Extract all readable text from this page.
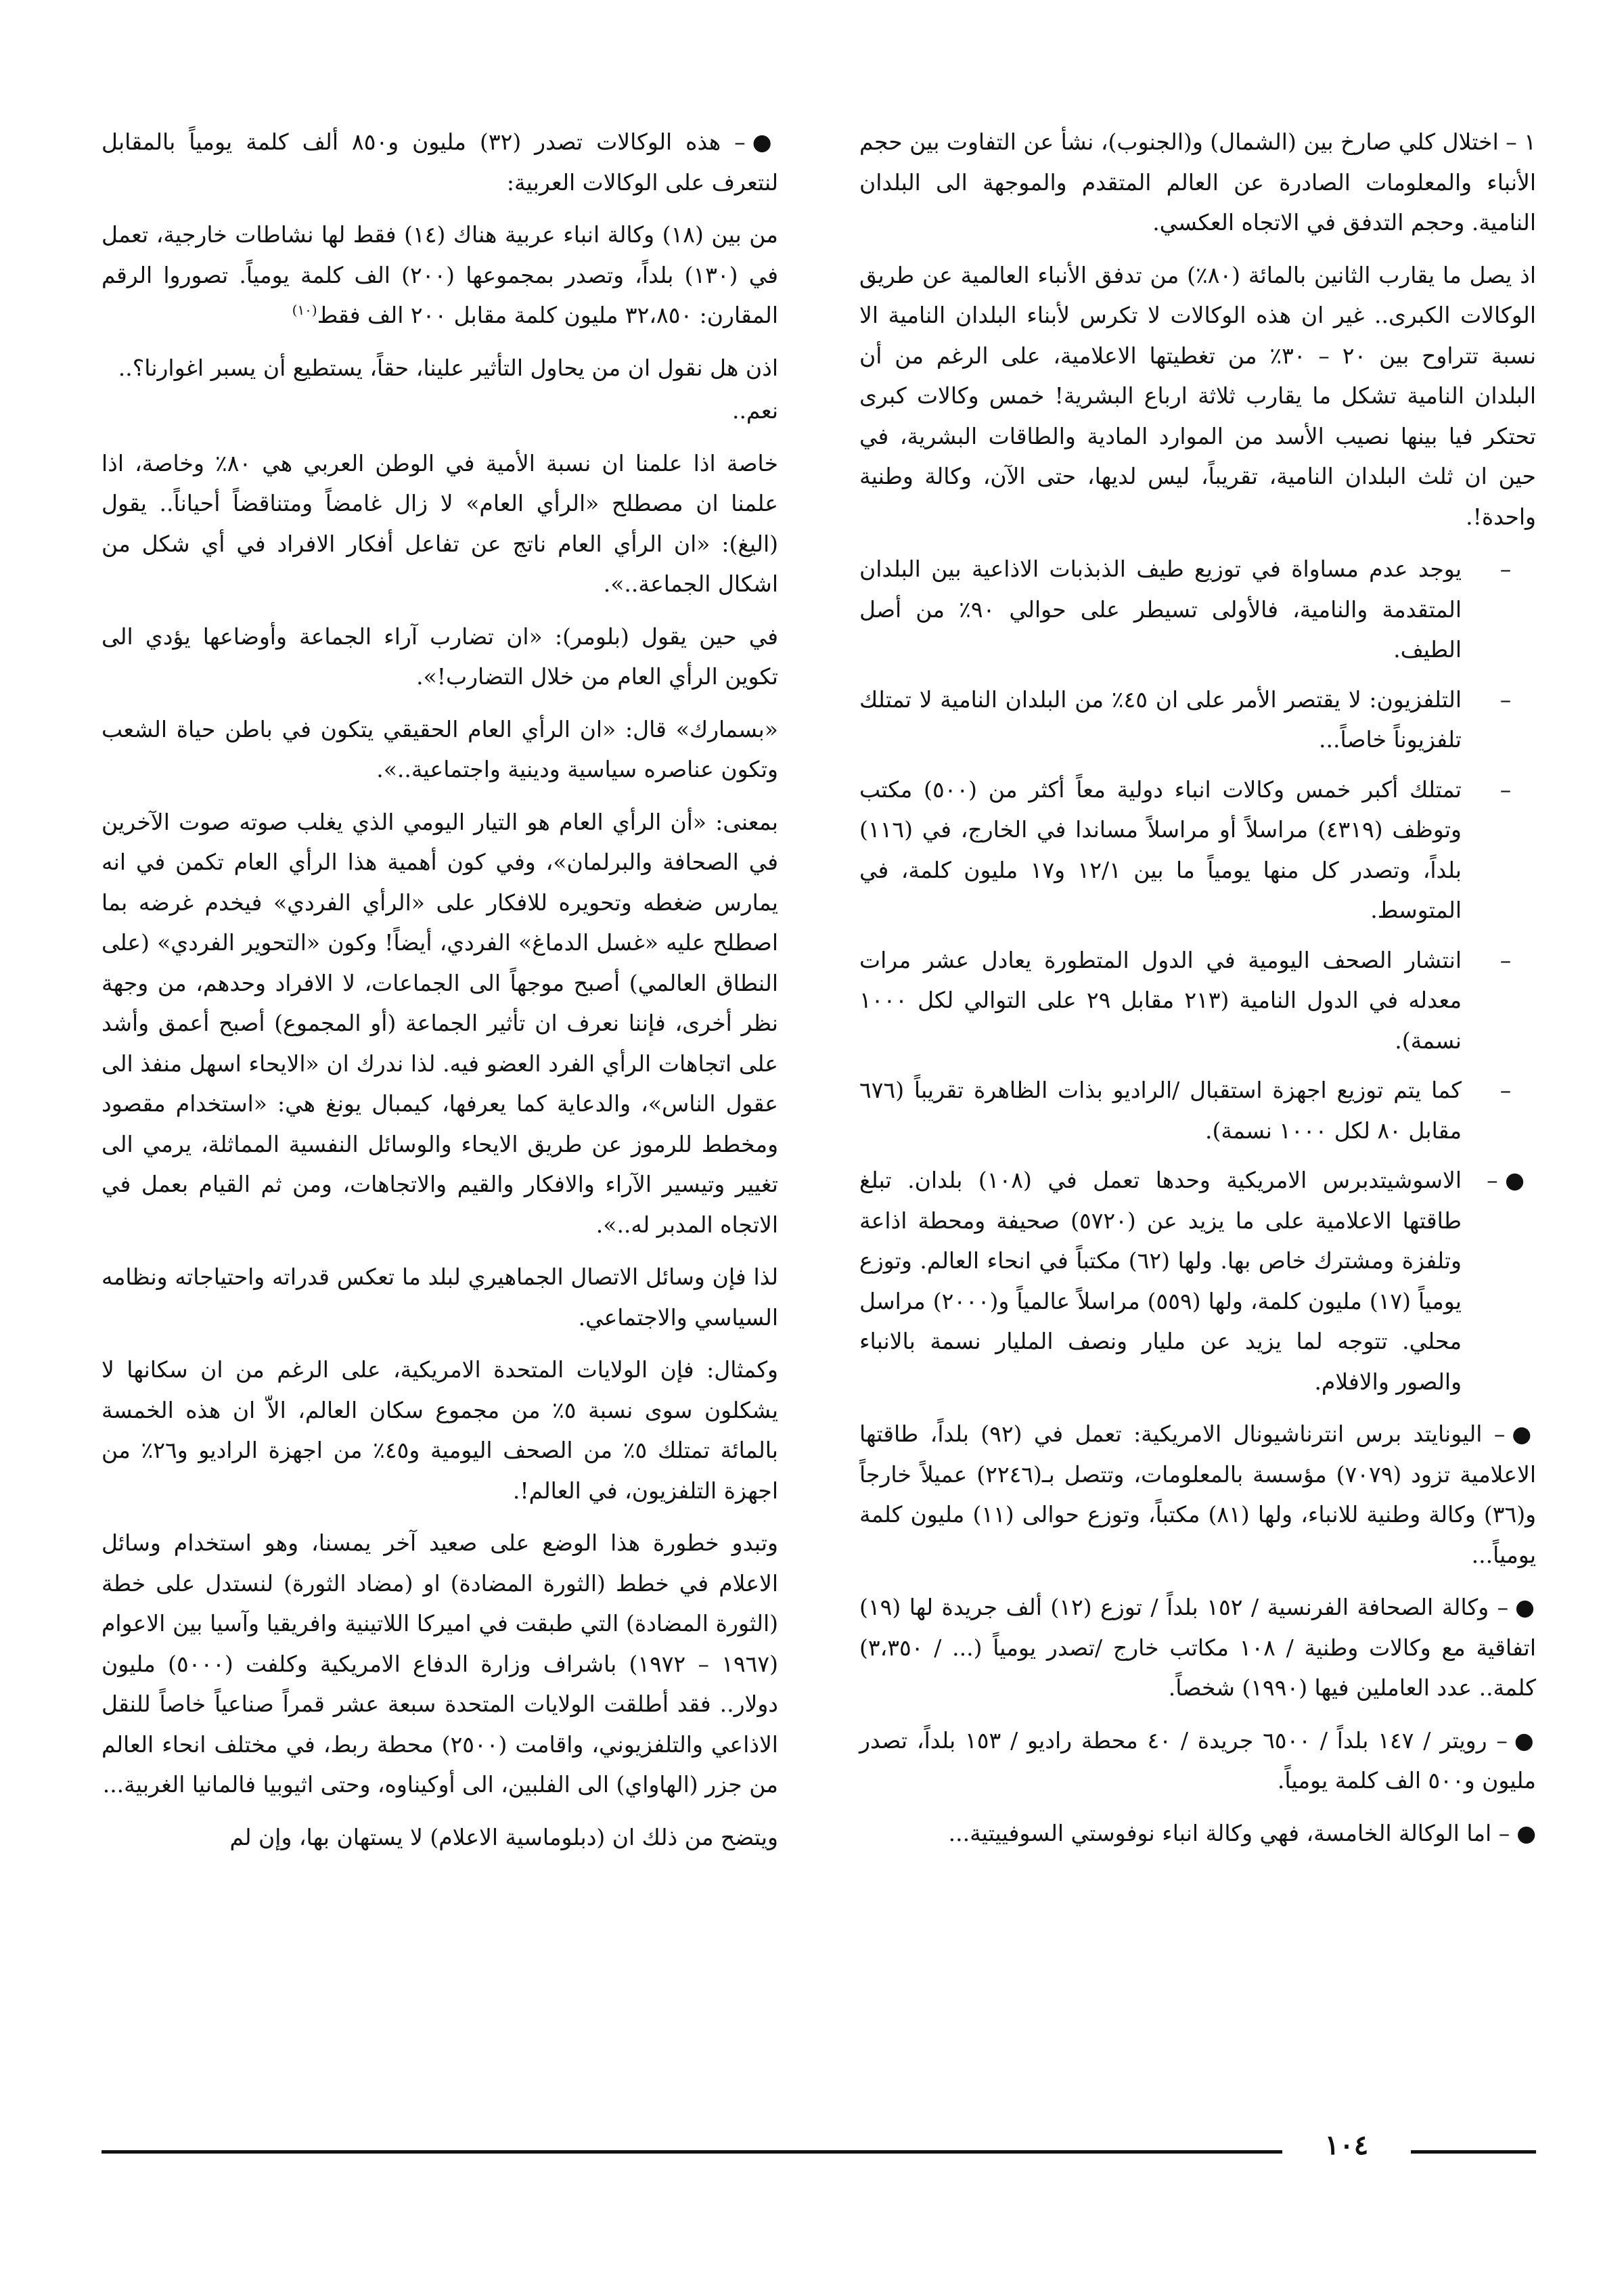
١ – اختلال كلي صارخ بين (الشمال) و(الجنوب)، نشأ عن التفاوت بين حجم الأنباء والمعلومات الصادرة عن العالم المتقدم والموجهة الى البلدان النامية. وحجم التدفق في الاتجاه العكسي.

اذ يصل ما يقارب الثانين بالمائة (٨٠٪) من تدفق الأنباء العالمية عن طريق الوكالات الكبرى.. غير ان هذه الوكالات لا تكرس لأبناء البلدان النامية الا نسبة تتراوح بين ٢٠ – ٣٠٪ من تغطيتها الاعلامية، على الرغم من أن البلدان النامية تشكل ما يقارب ثلاثة ارباع البشرية! خمس وكالات كبرى تحتكر فيا بينها نصيب الأسد من الموارد المادية والطاقات البشرية، في حين ان ثلث البلدان النامية، تقريباً، ليس لديها، حتى الآن، وكالة وطنية واحدة!.

–
يوجد عدم مساواة في توزيع طيف الذبذبات الاذاعية بين البلدان المتقدمة والنامية، فالأولى تسيطر على حوالي ٩٠٪ من أصل الطيف.
–
التلفزيون: لا يقتصر الأمر على ان ٤٥٪ من البلدان النامية لا تمتلك تلفزيوناً خاصاً...
–
تمتلك أكبر خمس وكالات انباء دولية معاً أكثر من (٥٠٠) مكتب وتوظف (٤٣١٩) مراسلاً أو مراسلاً مساندا في الخارج، في (١١٦) بلداً، وتصدر كل منها يومياً ما بين ١٢/١ و١٧ مليون كلمة، في المتوسط.
–
انتشار الصحف اليومية في الدول المتطورة يعادل عشر مرات معدله في الدول النامية (٢١٣ مقابل ٢٩ على التوالي لكل ١٠٠٠ نسمة).
–
كما يتم توزيع اجهزة استقبال /الراديو بذات الظاهرة تقريباً (٦٧٦ مقابل ٨٠ لكل ١٠٠٠ نسمة).
● –
الاسوشيتدبرس الامريكية وحدها تعمل في (١٠٨) بلدان. تبلغ طاقتها الاعلامية على ما يزيد عن (٥٧٢٠) صحيفة ومحطة اذاعة وتلفزة ومشترك خاص بها. ولها (٦٢) مكتباً في انحاء العالم. وتوزع يومياً (١٧) مليون كلمة، ولها (٥٥٩) مراسلاً عالمياً و(٢٠٠٠) مراسل محلي. تتوجه لما يزيد عن مليار ونصف المليار نسمة بالانباء والصور والافلام.

●– اليونايتد برس انترناشيونال الامريكية: تعمل في (٩٢) بلداً، طاقتها الاعلامية تزود (٧٠٧٩) مؤسسة بالمعلومات، وتتصل بـ(٢٢٤٦) عميلاً خارجاً و(٣٦) وكالة وطنية للانباء، ولها (٨١) مكتباً، وتوزع حوالى (١١) مليون كلمة يومياً...

●– وكالة الصحافة الفرنسية / ١٥٢ بلداً / توزع (١٢) ألف جريدة لها (١٩) اتفاقية مع وكالات وطنية / ١٠٨ مكاتب خارج /تصدر يومياً (... / ٣،٣٥٠) كلمة.. عدد العاملين فيها (١٩٩٠) شخصاً.

●– رويتر / ١٤٧ بلداً / ٦٥٠٠ جريدة / ٤٠ محطة راديو / ١٥٣ بلداً، تصدر مليون و٥٠٠ الف كلمة يومياً.

●– اما الوكالة الخامسة، فهي وكالة انباء نوفوستي السوفييتية...

●– هذه الوكالات تصدر (٣٢) مليون و٨٥٠ ألف كلمة يومياً بالمقابل لنتعرف على الوكالات العربية:

من بين (١٨) وكالة انباء عربية هناك (١٤) فقط لها نشاطات خارجية، تعمل في (١٣٠) بلداً، وتصدر بمجموعها (٢٠٠) الف كلمة يومياً. تصوروا الرقم المقارن: ٣٢،٨٥٠ مليون كلمة مقابل ٢٠٠ الف فقط$^{(١٠)}$

اذن هل نقول ان من يحاول التأثير علينا، حقاً، يستطيع أن يسبر اغوارنا؟..

نعم..

خاصة اذا علمنا ان نسبة الأمية في الوطن العربي هي ٨٠٪ وخاصة، اذا علمنا ان مصطلح «الرأي العام» لا زال غامضاً ومتناقضاً أحياناً.. يقول (اليغ): «ان الرأي العام ناتج عن تفاعل أفكار الافراد في أي شكل من اشكال الجماعة..».

في حين يقول (بلومر): «ان تضارب آراء الجماعة وأوضاعها يؤدي الى تكوين الرأي العام من خلال التضارب!».

«بسمارك» قال: «ان الرأي العام الحقيقي يتكون في باطن حياة الشعب وتكون عناصره سياسية ودينية واجتماعية..».

بمعنى: «أن الرأي العام هو التيار اليومي الذي يغلب صوته صوت الآخرين في الصحافة والبرلمان»، وفي كون أهمية هذا الرأي العام تكمن في انه يمارس ضغطه وتحويره للافكار على «الرأي الفردي» فيخدم غرضه بما اصطلح عليه «غسل الدماغ» الفردي، أيضاً! وكون «التحوير الفردي» (على النطاق العالمي) أصبح موجهاً الى الجماعات، لا الافراد وحدهم، من وجهة نظر أخرى، فإننا نعرف ان تأثير الجماعة (أو المجموع) أصبح أعمق وأشد على اتجاهات الرأي الفرد العضو فيه. لذا ندرك ان «الايحاء اسهل منفذ الى عقول الناس»، والدعاية كما يعرفها، كيمبال يونغ هي: «استخدام مقصود ومخطط للرموز عن طريق الايحاء والوسائل النفسية المماثلة، يرمي الى تغيير وتيسير الآراء والافكار والقيم والاتجاهات، ومن ثم القيام بعمل في الاتجاه المدبر له..».

لذا فإن وسائل الاتصال الجماهيري لبلد ما تعكس قدراته واحتياجاته ونظامه السياسي والاجتماعي.

وكمثال: فإن الولايات المتحدة الامريكية، على الرغم من ان سكانها لا يشكلون سوى نسبة ٥٪ من مجموع سكان العالم، الاّ ان هذه الخمسة بالمائة تمتلك ٥٪ من الصحف اليومية و٤٥٪ من اجهزة الراديو و٢٦٪ من اجهزة التلفزيون، في العالم!.

وتبدو خطورة هذا الوضع على صعيد آخر يمسنا، وهو استخدام وسائل الاعلام في خطط (الثورة المضادة) او (مضاد الثورة) لنستدل على خطة (الثورة المضادة) التي طبقت في اميركا اللاتينية وافريقيا وآسيا بين الاعوام (١٩٦٧ – ١٩٧٢) باشراف وزارة الدفاع الامريكية وكلفت (٥٠٠٠) مليون دولار.. فقد أطلقت الولايات المتحدة سبعة عشر قمراً صناعياً خاصاً للنقل الاذاعي والتلفزيوني، واقامت (٢٥٠٠) محطة ربط، في مختلف انحاء العالم من جزر (الهاواي) الى الفلبين، الى أوكيناوه، وحتى اثيوبيا فالمانيا الغربية...

ويتضح من ذلك ان (دبلوماسية الاعلام) لا يستهان بها، وإن لم

١٠٤
